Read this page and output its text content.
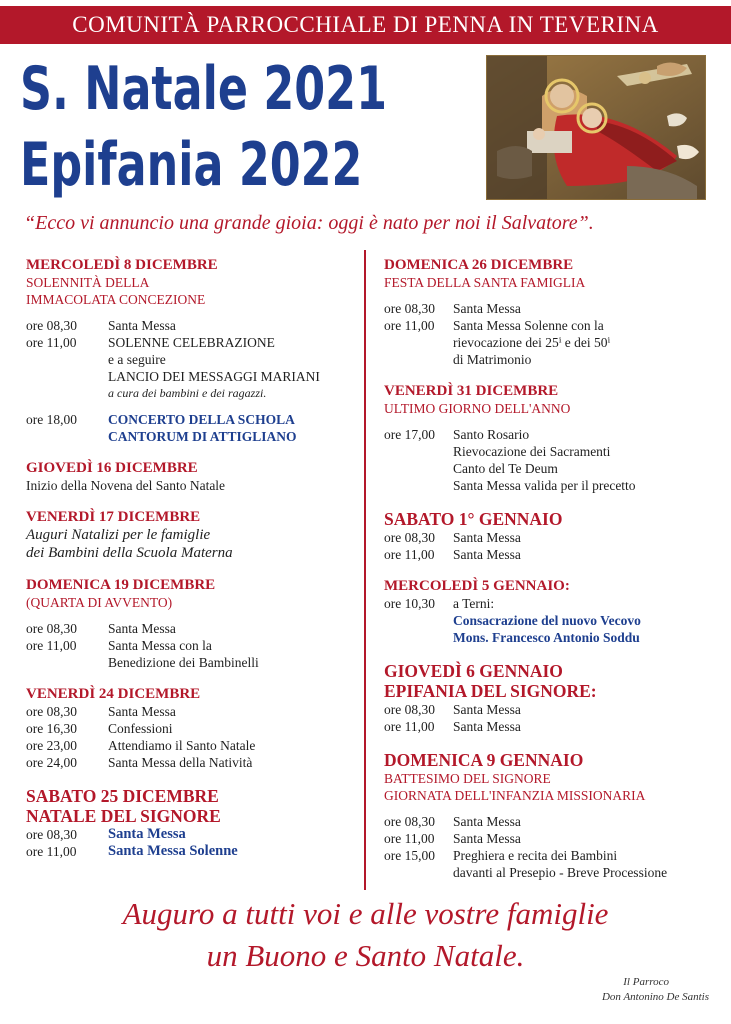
COMUNITÀ PARROCCHIALE DI PENNA IN TEVERINA
S. Natale 2021
Epifania 2022
“Ecco vi annuncio una grande gioia: oggi è nato per noi il Salvatore”.
MERCOLEDÌ 8 DICEMBRE
SOLENNITÀ DELLA
IMMACOLATA CONCEZIONE
ore 08,30	Santa Messa
ore 11,00	SOLENNE CELEBRAZIONE
e a seguire
LANCIO DEI MESSAGGI MARIANI
a cura dei bambini e dei ragazzi.
ore 18,00	CONCERTO DELLA SCHOLA
CANTORUM DI ATTIGLIANO
GIOVEDÌ 16 DICEMBRE
Inizio della Novena del Santo Natale
VENERDÌ 17 DICEMBRE
Auguri Natalizi per le famiglie
dei Bambini della Scuola Materna
DOMENICA 19 DICEMBRE
(QUARTA DI AVVENTO)
ore 08,30	Santa Messa
ore 11,00	Santa Messa con la
Benedizione dei Bambinelli
VENERDÌ 24 DICEMBRE
ore 08,30	Santa Messa
ore 16,30	Confessioni
ore 23,00	Attendiamo il Santo Natale
ore 24,00	Santa Messa della Natività
SABATO 25 DICEMBRE
NATALE DEL SIGNORE
ore 08,30	Santa Messa
ore 11,00	Santa Messa Solenne
DOMENICA 26 DICEMBRE
FESTA DELLA SANTA FAMIGLIA
ore 08,30	Santa Messa
ore 11,00	Santa Messa Solenne con la
rievocazione dei 25ⁱ e dei 50ⁱ
di Matrimonio
VENERDÌ 31 DICEMBRE
ULTIMO GIORNO DELL'ANNO
ore 17,00	Santo Rosario
Rievocazione dei Sacramenti
Canto del Te Deum
Santa Messa valida per il precetto
SABATO 1° GENNAIO
ore 08,30	Santa Messa
ore 11,00	Santa Messa
MERCOLEDÌ 5 GENNAIO:
ore 10,30	a Terni:
Consacrazione del nuovo Vecovo
Mons. Francesco Antonio Soddu
GIOVEDÌ 6 GENNAIO
EPIFANIA DEL SIGNORE:
ore 08,30	Santa Messa
ore 11,00	Santa Messa
DOMENICA 9 GENNAIO
BATTESIMO DEL SIGNORE
GIORNATA DELL'INFANZIA MISSIONARIA
ore 08,30	Santa Messa
ore 11,00	Santa Messa
ore 15,00	Preghiera e recita dei Bambini
davanti al Presepio - Breve Processione
Auguro a tutti voi e alle vostre famiglie
un Buono e Santo Natale.
Il Parroco
Don Antonino De Santis
